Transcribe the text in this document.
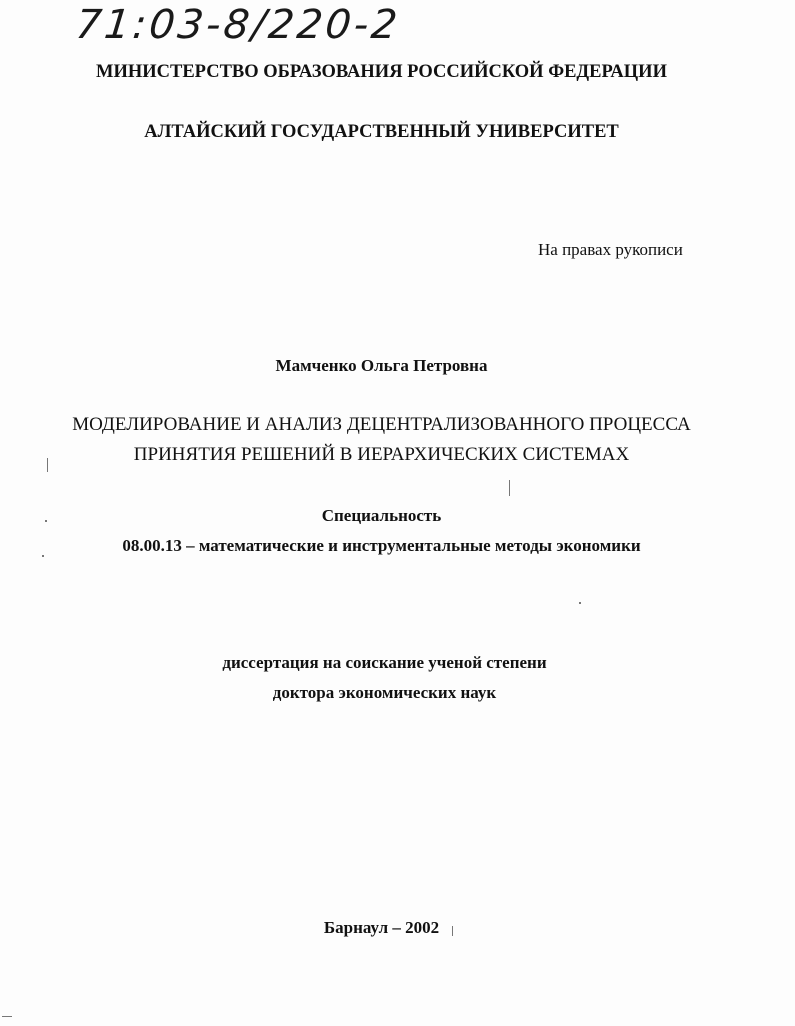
71:03-8/220-2
МИНИСТЕРСТВО ОБРАЗОВАНИЯ РОССИЙСКОЙ ФЕДЕРАЦИИ
АЛТАЙСКИЙ ГОСУДАРСТВЕННЫЙ УНИВЕРСИТЕТ
На правах рукописи
Мамченко Ольга Петровна
МОДЕЛИРОВАНИЕ И АНАЛИЗ ДЕЦЕНТРАЛИЗОВАННОГО ПРОЦЕССА
ПРИНЯТИЯ РЕШЕНИЙ В ИЕРАРХИЧЕСКИХ СИСТЕМАХ
Специальность
08.00.13 – математические и инструментальные методы экономики
диссертация на соискание ученой степени
доктора экономических наук
Барнаул – 2002
